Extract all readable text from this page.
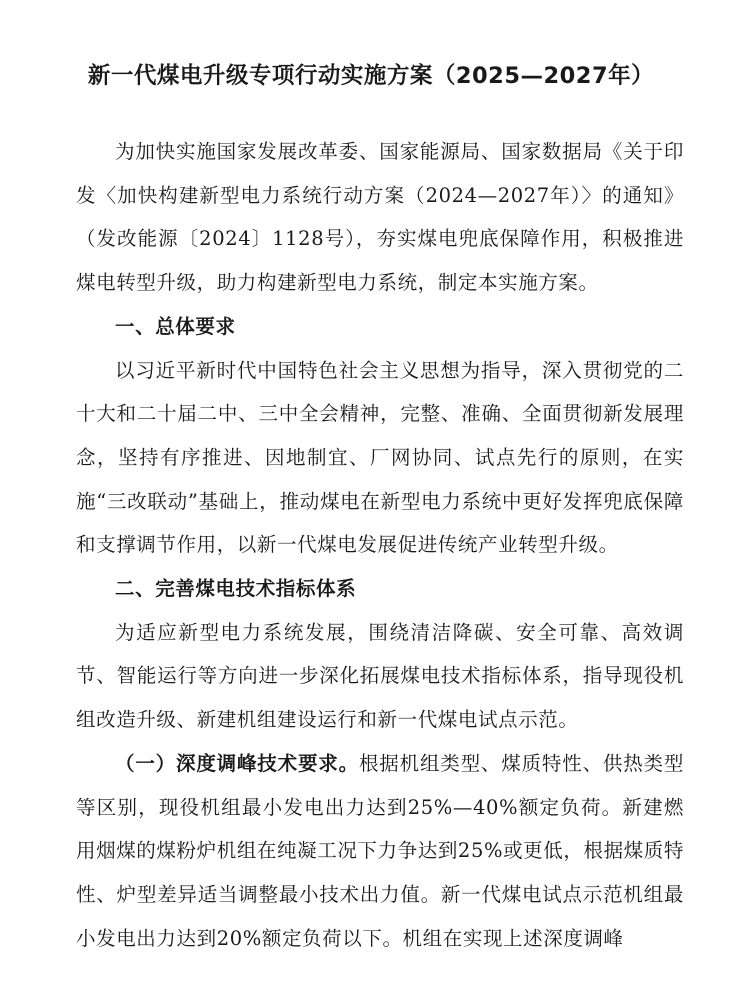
新一代煤电升级专项行动实施方案（2025—2027年）

为加快实施国家发展改革委、国家能源局、国家数据局《关于印发〈加快构建新型电力系统行动方案（2024—2027年）〉的通知》（发改能源〔2024〕1128号），夯实煤电兜底保障作用，积极推进煤电转型升级，助力构建新型电力系统，制定本实施方案。

一、总体要求

以习近平新时代中国特色社会主义思想为指导，深入贯彻党的二十大和二十届二中、三中全会精神，完整、准确、全面贯彻新发展理念，坚持有序推进、因地制宜、厂网协同、试点先行的原则，在实施“三改联动”基础上，推动煤电在新型电力系统中更好发挥兜底保障和支撑调节作用，以新一代煤电发展促进传统产业转型升级。

二、完善煤电技术指标体系

为适应新型电力系统发展，围绕清洁降碳、安全可靠、高效调节、智能运行等方向进一步深化拓展煤电技术指标体系，指导现役机组改造升级、新建机组建设运行和新一代煤电试点示范。

（一）深度调峰技术要求。根据机组类型、煤质特性、供热类型等区别，现役机组最小发电出力达到25%—40%额定负荷。新建燃用烟煤的煤粉炉机组在纯凝工况下力争达到25%或更低，根据煤质特性、炉型差异适当调整最小技术出力值。新一代煤电试点示范机组最小发电出力达到20%额定负荷以下。机组在实现上述深度调峰
